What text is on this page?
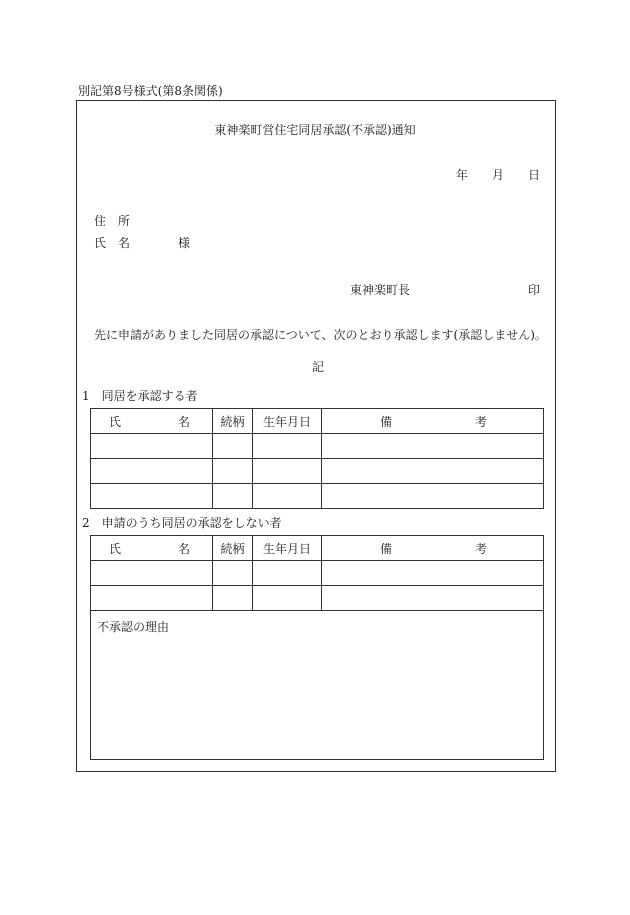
別記第8号様式(第8条関係)
東神楽町営住宅同居承認(不承認)通知
年 月 日
住　所
氏　名	様
東神楽町長	印
先に申請がありました同居の承認について、次のとおり承認します(承認しません)。
記
1　同居を承認する者
氏 名	続柄	生年月日	備 考

2　申請のうち同居の承認をしない者
氏 名	続柄	生年月日	備 考

不承認の理由
